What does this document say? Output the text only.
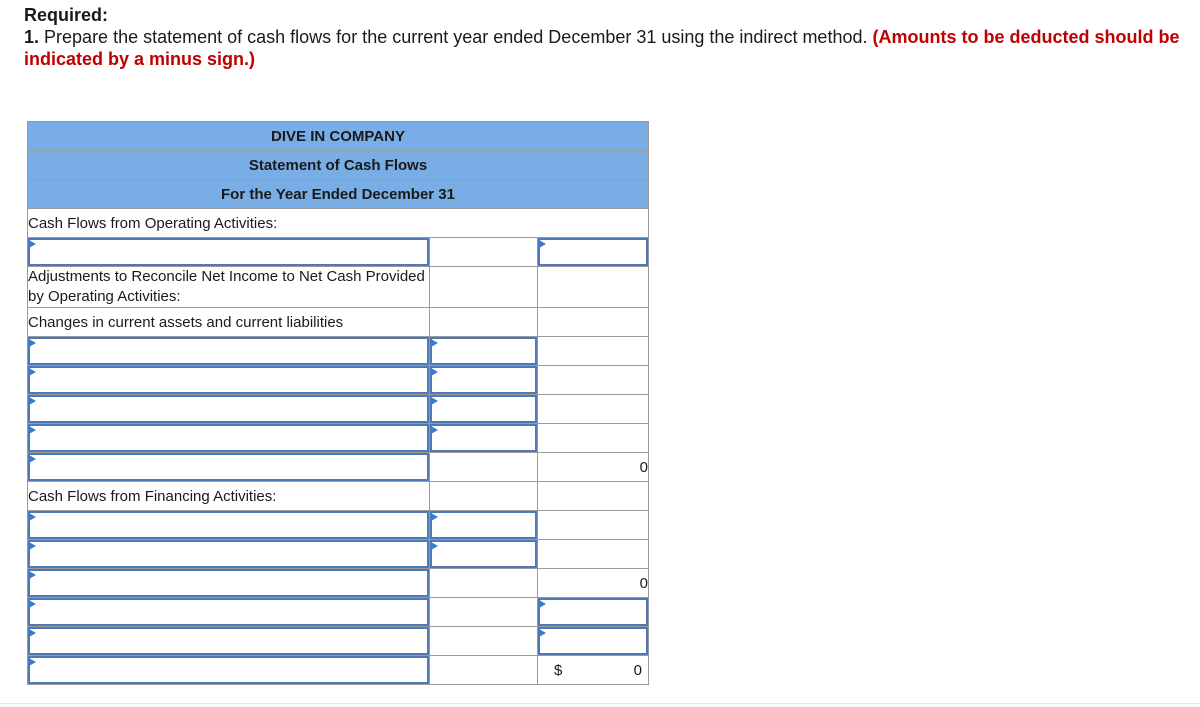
Required:
1. Prepare the statement of cash flows for the current year ended December 31 using the indirect method. (Amounts to be deducted should be indicated by a minus sign.)
DIVE IN COMPANY		
Statement of Cash Flows		
For the Year Ended December 31		
Cash Flows from Operating Activities:		

Adjustments to Reconcile Net Income to Net Cash Provided by Operating Activities:		
Changes in current assets and current liabilities		

		0
Cash Flows from Financing Activities:		

		0

		$ 0
